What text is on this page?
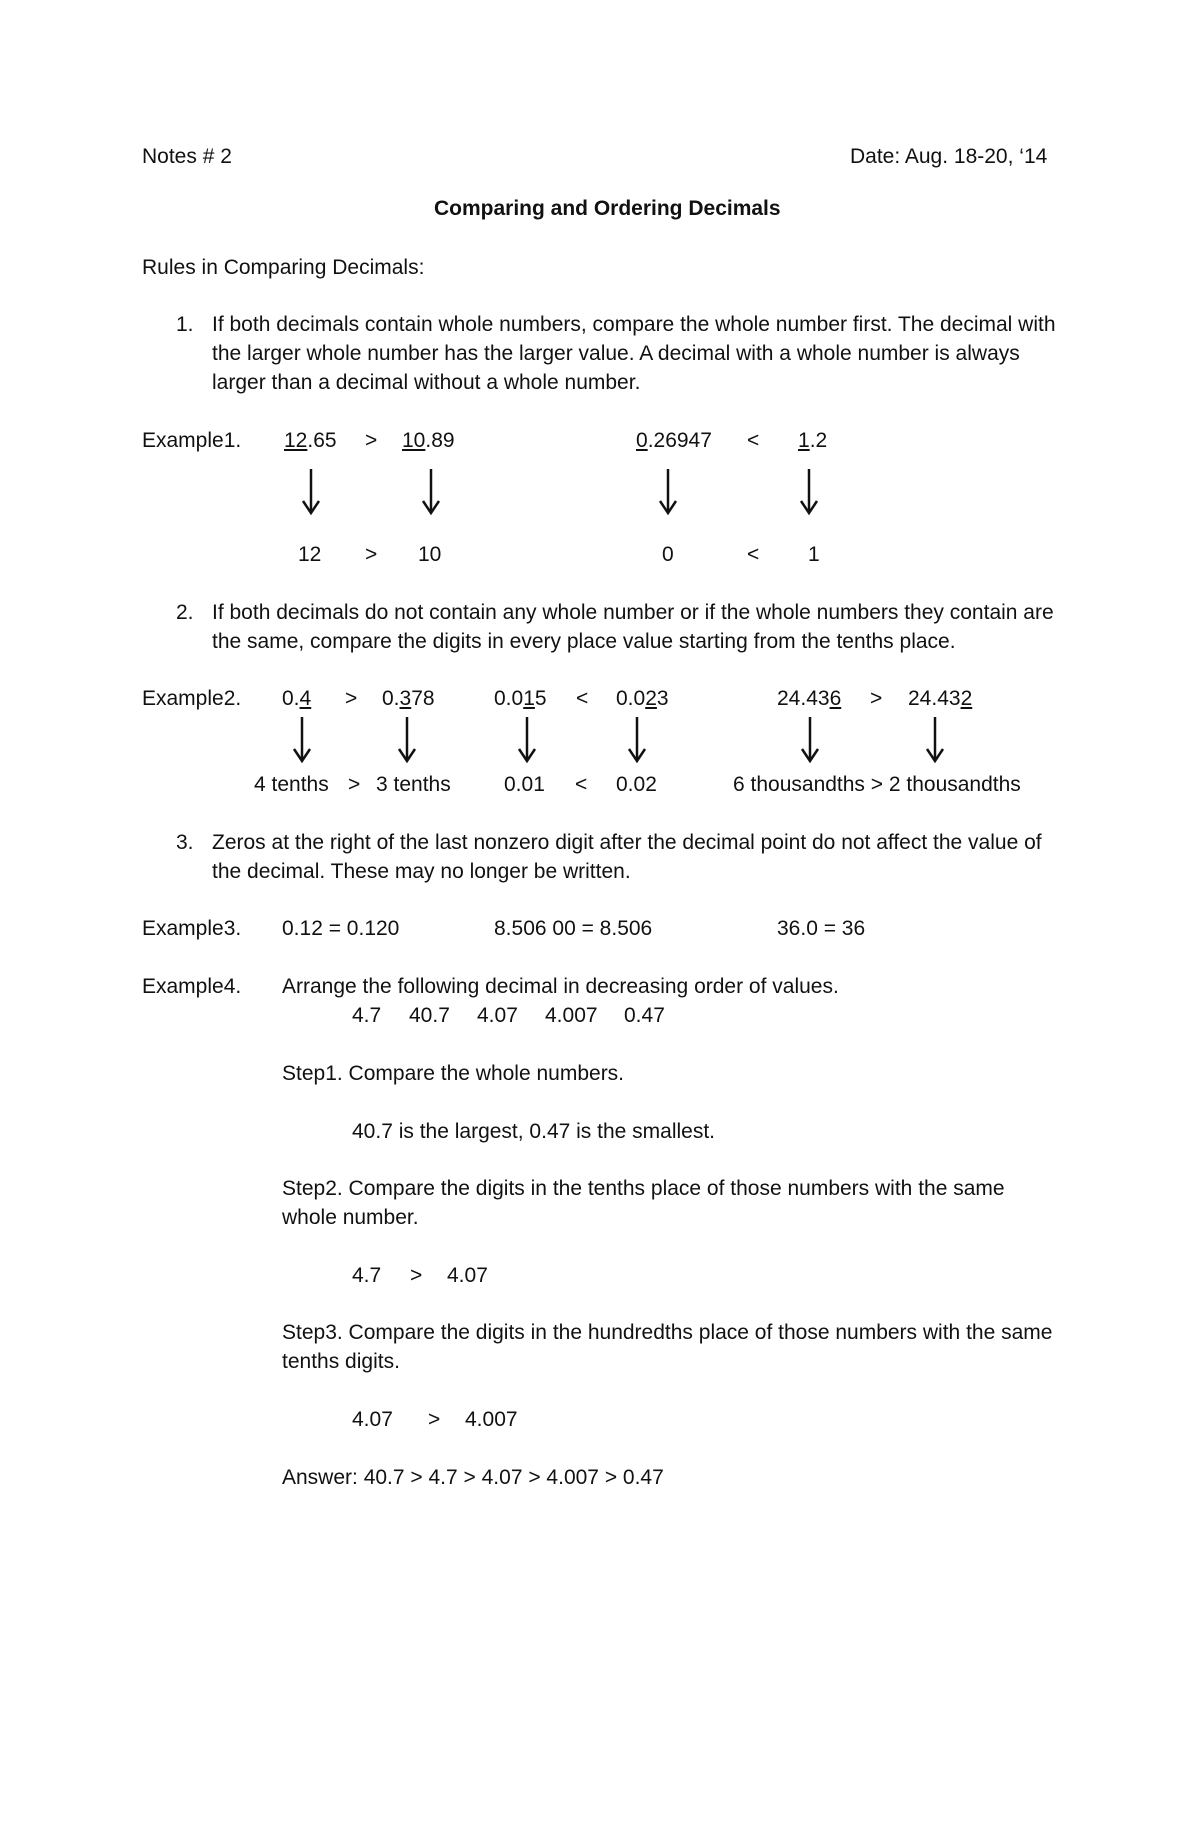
Notes # 2	Date: Aug. 18-20, ‘14
Comparing and Ordering Decimals
Rules in Comparing Decimals:
1. If both decimals contain whole numbers, compare the whole number first. The decimal with the larger whole number has the larger value. A decimal with a whole number is always larger than a decimal without a whole number.
Example1. 12.65 > 10.89	0.26947 < 1.2
12 > 10	0	< 1
2. If both decimals do not contain any whole number or if the whole numbers they contain are the same, compare the digits in every place value starting from the tenths place.
Example2. 0.4 > 0.378	0.015 < 0.023	24.436 > 24.432
4 tenths > 3 tenths	0.01 < 0.02	6 thousandths > 2 thousandths
3. Zeros at the right of the last nonzero digit after the decimal point do not affect the value of the decimal. These may no longer be written.
Example3. 0.12 = 0.120	8.506 00 = 8.506	36.0 = 36
Example4. Arrange the following decimal in decreasing order of values.
4.7 40.7 4.07 4.007 0.47
Step1. Compare the whole numbers.
40.7 is the largest, 0.47 is the smallest.
Step2. Compare the digits in the tenths place of those numbers with the same whole number.
4.7 > 4.07
Step3. Compare the digits in the hundredths place of those numbers with the same tenths digits.
4.07 > 4.007
Answer: 40.7 > 4.7 > 4.07 > 4.007 > 0.47
